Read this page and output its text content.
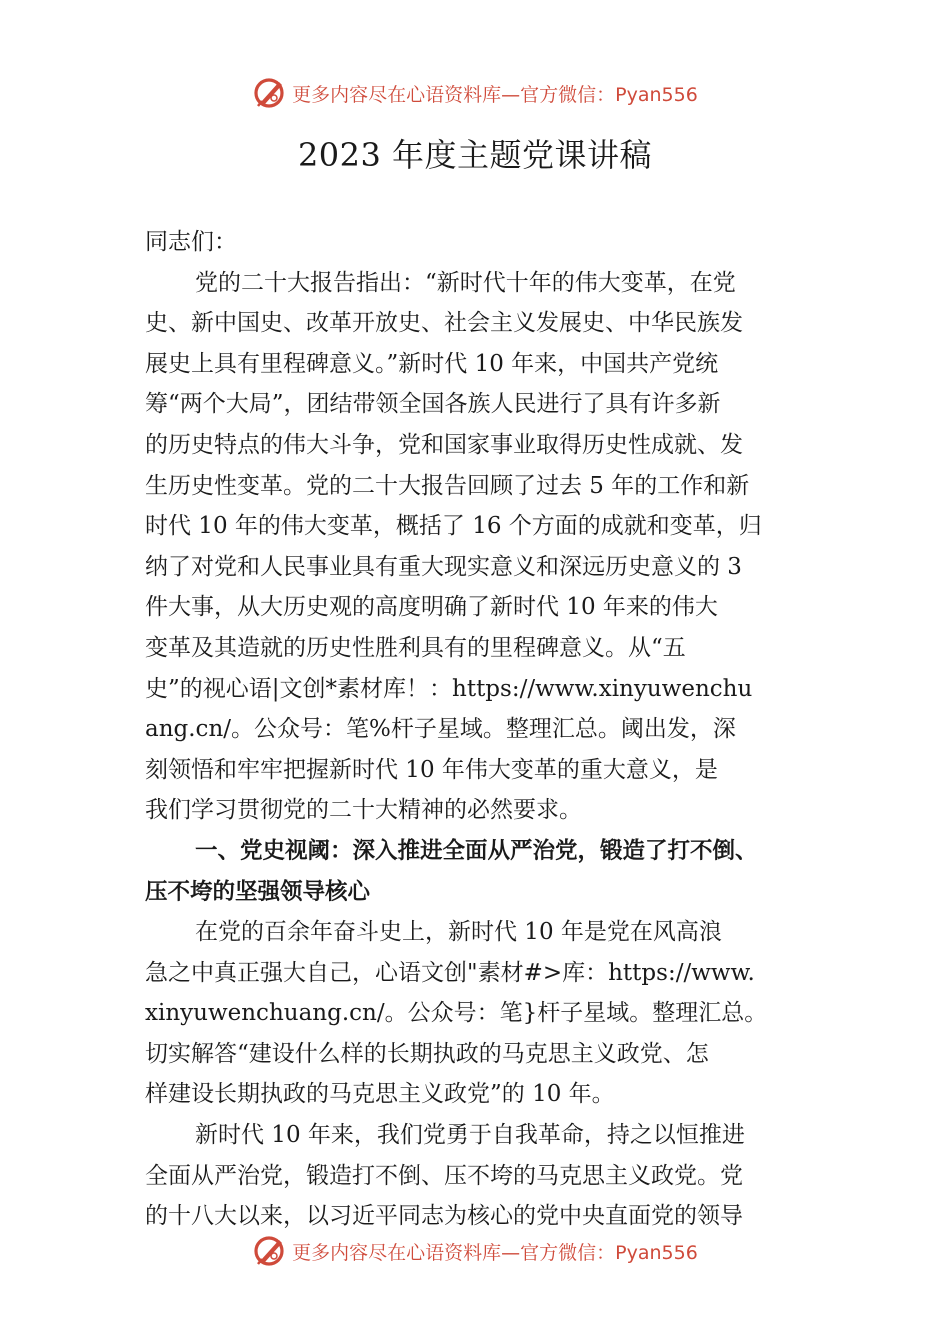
更多内容尽在心语资料库—官方微信：Pyan556
2023 年度主题党课讲稿
同志们：
党的二十大报告指出：“新时代十年的伟大变革，在党
史、新中国史、改革开放史、社会主义发展史、中华民族发
展史上具有里程碑意义。”新时代 10 年来，中国共产党统
筹“两个大局”，团结带领全国各族人民进行了具有许多新
的历史特点的伟大斗争，党和国家事业取得历史性成就、发
生历史性变革。党的二十大报告回顾了过去 5 年的工作和新
时代 10 年的伟大变革，概括了 16 个方面的成就和变革，归
纳了对党和人民事业具有重大现实意义和深远历史意义的 3
件大事，从大历史观的高度明确了新时代 10 年来的伟大
变革及其造就的历史性胜利具有的里程碑意义。从“五
史”的视心语|文创*素材库！：https://www.xinyuwenchu
ang.cn/。公众号：笔%杆子星域。整理汇总。阈出发，深
刻领悟和牢牢把握新时代 10 年伟大变革的重大意义，是
我们学习贯彻党的二十大精神的必然要求。
一、党史视阈：深入推进全面从严治党，锻造了打不倒、
压不垮的坚强领导核心
在党的百余年奋斗史上，新时代 10 年是党在风高浪
急之中真正强大自己，心语文创"素材#>库：https://www.
xinyuwenchuang.cn/。公众号：笔}杆子星域。整理汇总。
切实解答“建设什么样的长期执政的马克思主义政党、怎
样建设长期执政的马克思主义政党”的 10 年。
新时代 10 年来，我们党勇于自我革命，持之以恒推进
全面从严治党，锻造打不倒、压不垮的马克思主义政党。党
的十八大以来，以习近平同志为核心的党中央直面党的领导
更多内容尽在心语资料库—官方微信：Pyan556
